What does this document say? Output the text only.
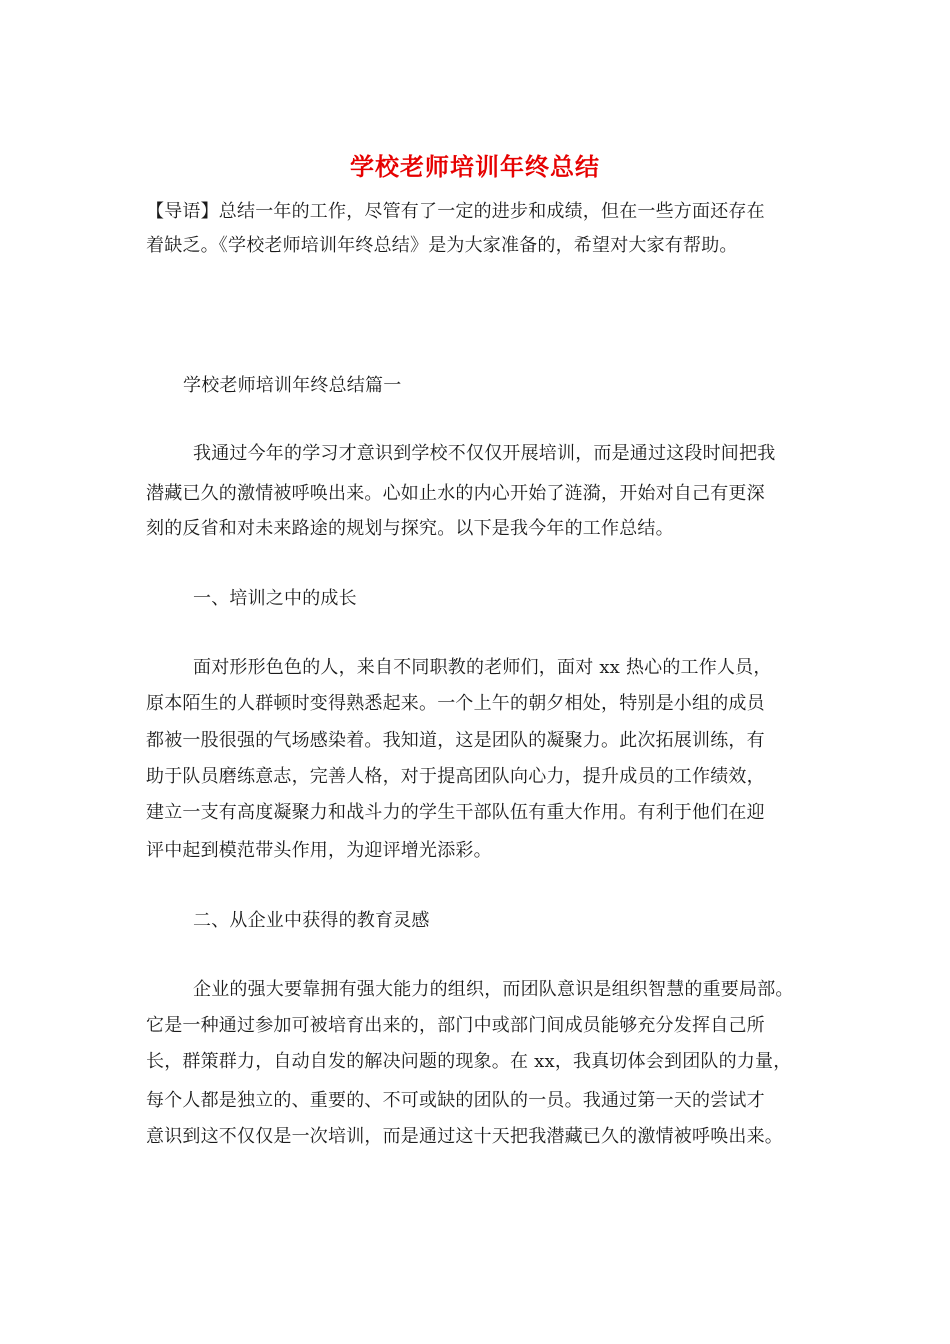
学校老师培训年终总结
【导语】总结一年的工作，尽管有了一定的进步和成绩，但在一些方面还存在
着缺乏。《学校老师培训年终总结》是为大家准备的，希望对大家有帮助。
学校老师培训年终总结篇一
我通过今年的学习才意识到学校不仅仅开展培训，而是通过这段时间把我
潜藏已久的激情被呼唤出来。心如止水的内心开始了涟漪，开始对自己有更深
刻的反省和对未来路途的规划与探究。以下是我今年的工作总结。
一、培训之中的成长
面对形形色色的人，来自不同职教的老师们，面对 xx 热心的工作人员，
原本陌生的人群顿时变得熟悉起来。一个上午的朝夕相处，特别是小组的成员
都被一股很强的气场感染着。我知道，这是团队的凝聚力。此次拓展训练，有
助于队员磨练意志，完善人格，对于提高团队向心力，提升成员的工作绩效，
建立一支有高度凝聚力和战斗力的学生干部队伍有重大作用。有利于他们在迎
评中起到模范带头作用，为迎评增光添彩。
二、从企业中获得的教育灵感
企业的强大要靠拥有强大能力的组织，而团队意识是组织智慧的重要局部。
它是一种通过参加可被培育出来的，部门中或部门间成员能够充分发挥自己所
长，群策群力，自动自发的解决问题的现象。在 xx，我真切体会到团队的力量，
每个人都是独立的、重要的、不可或缺的团队的一员。我通过第一天的尝试才
意识到这不仅仅是一次培训，而是通过这十天把我潜藏已久的激情被呼唤出来。
